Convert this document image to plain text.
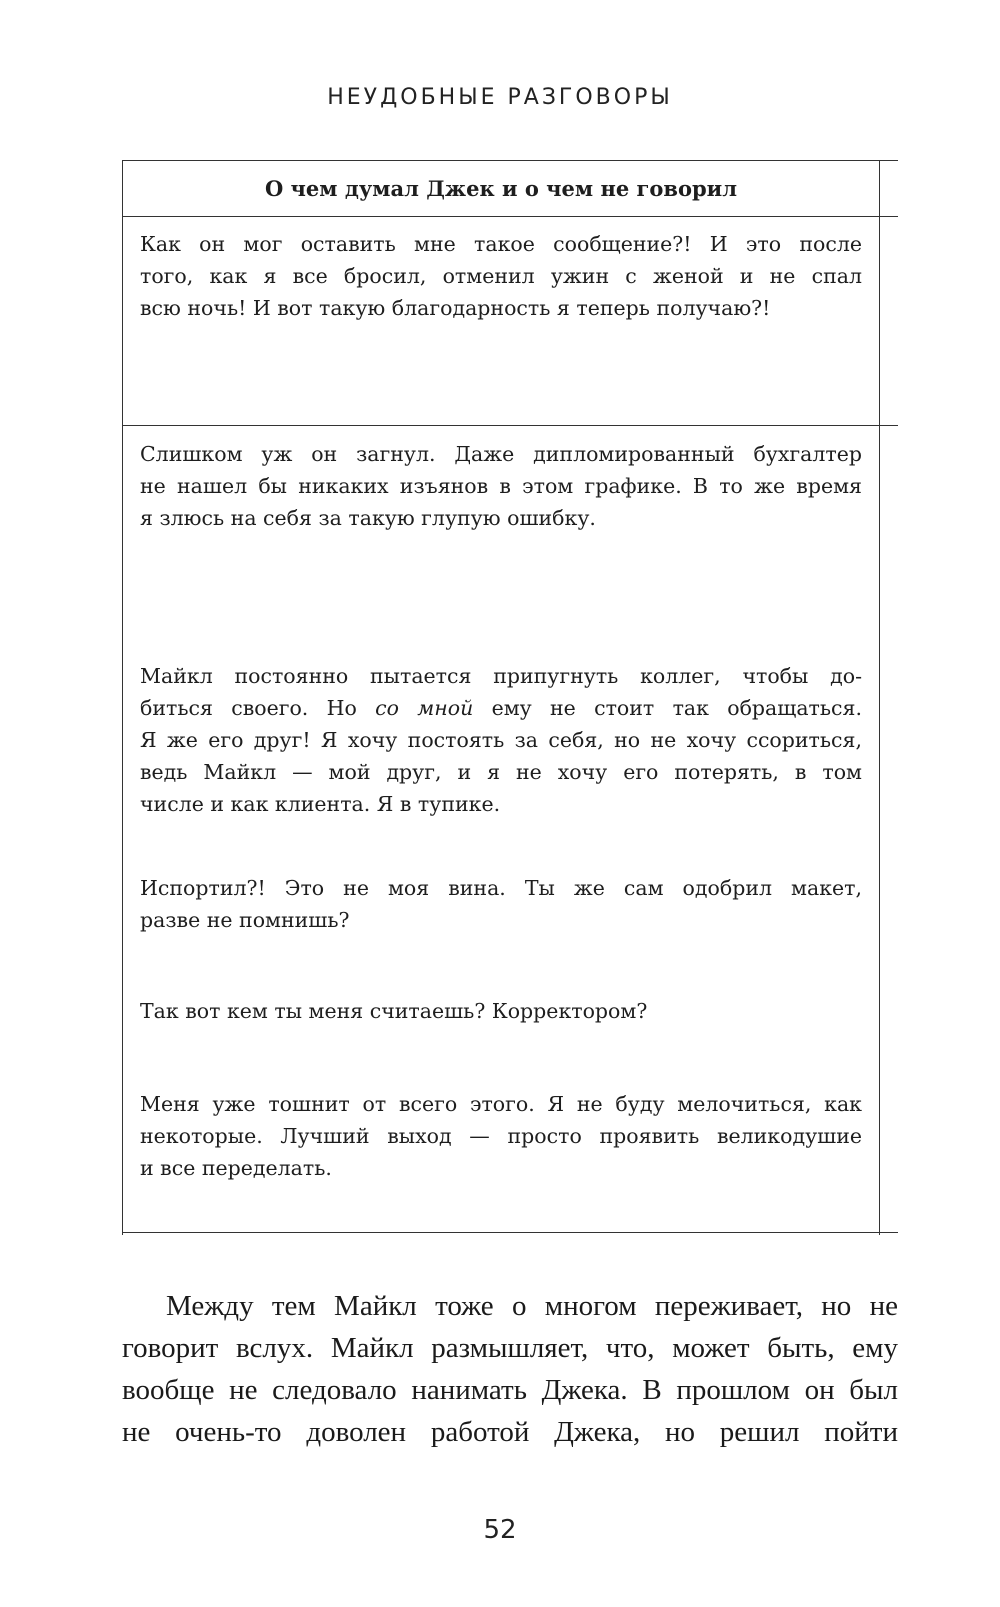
НЕУДОБНЫЕ РАЗГОВОРЫ
О чем думал Джек и о чем не говорил
Как он мог оставить мне такое сообщение?! И это после
того, как я все бросил, отменил ужин с женой и не спал
всю ночь! И вот такую благодарность я теперь получаю?!
Слишком уж он загнул. Даже дипломированный бухгалтер
не нашел бы никаких изъянов в этом графике. В то же время
я злюсь на себя за такую глупую ошибку.
Майкл постоянно пытается припугнуть коллег, чтобы до-
биться своего. Но со мной ему не стоит так обращаться.
Я же его друг! Я хочу постоять за себя, но не хочу ссориться,
ведь Майкл — мой друг, и я не хочу его потерять, в том
числе и как клиента. Я в тупике.
Испортил?! Это не моя вина. Ты же сам одобрил макет,
разве не помнишь?
Так вот кем ты меня считаешь? Корректором?
Меня уже тошнит от всего этого. Я не буду мелочиться, как
некоторые. Лучший выход — просто проявить великодушие
и все переделать.
Между тем Майкл тоже о многом переживает, но не
говорит вслух. Майкл размышляет, что, может быть, ему
вообще не следовало нанимать Джека. В прошлом он был
не очень-то доволен работой Джека, но решил пойти
52
